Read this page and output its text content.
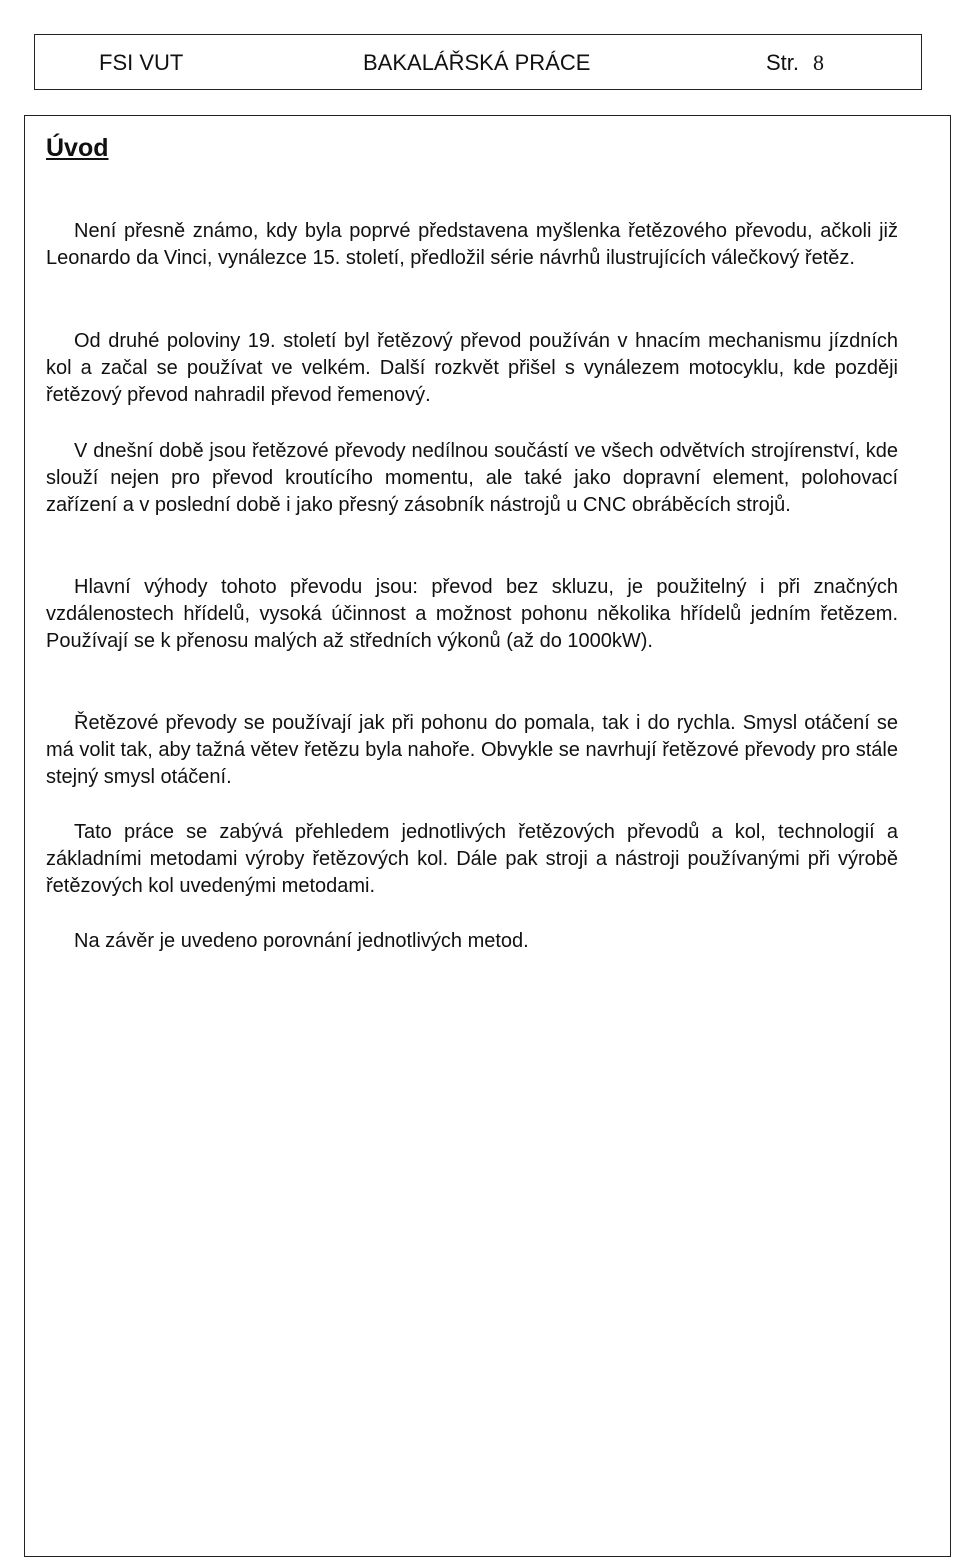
FSI VUT	BAKALÁŘSKÁ PRÁCE	Str. 8
Úvod

Není přesně známo, kdy byla poprvé představena myšlenka řetězového převodu, ačkoli již Leonardo da Vinci, vynálezce 15. století, předložil série návrhů ilustrujících válečkový řetěz.

Od druhé poloviny 19. století byl řetězový převod používán v hnacím mechanismu jízdních kol a začal se používat ve velkém. Další rozkvět přišel s vynálezem motocyklu, kde později řetězový převod nahradil převod řemenový.

V dnešní době jsou řetězové převody nedílnou součástí ve všech odvětvích strojírenství, kde slouží nejen pro převod kroutícího momentu, ale také jako dopravní element, polohovací zařízení a v poslední době i jako přesný zásobník nástrojů u CNC obráběcích strojů.

Hlavní výhody tohoto převodu jsou: převod bez skluzu, je použitelný i při značných vzdálenostech hřídelů, vysoká účinnost a možnost pohonu několika hřídelů jedním řetězem. Používají se k přenosu malých až středních výkonů (až do 1000kW).

Řetězové převody se používají jak při pohonu do pomala, tak i do rychla. Smysl otáčení se má volit tak, aby tažná větev řetězu byla nahoře. Obvykle se navrhují řetězové převody pro stále stejný smysl otáčení.

Tato práce se zabývá přehledem jednotlivých řetězových převodů a kol, technologií a základními metodami výroby řetězových kol. Dále pak stroji a nástroji používanými při výrobě řetězových kol uvedenými metodami.

Na závěr je uvedeno porovnání jednotlivých metod.
